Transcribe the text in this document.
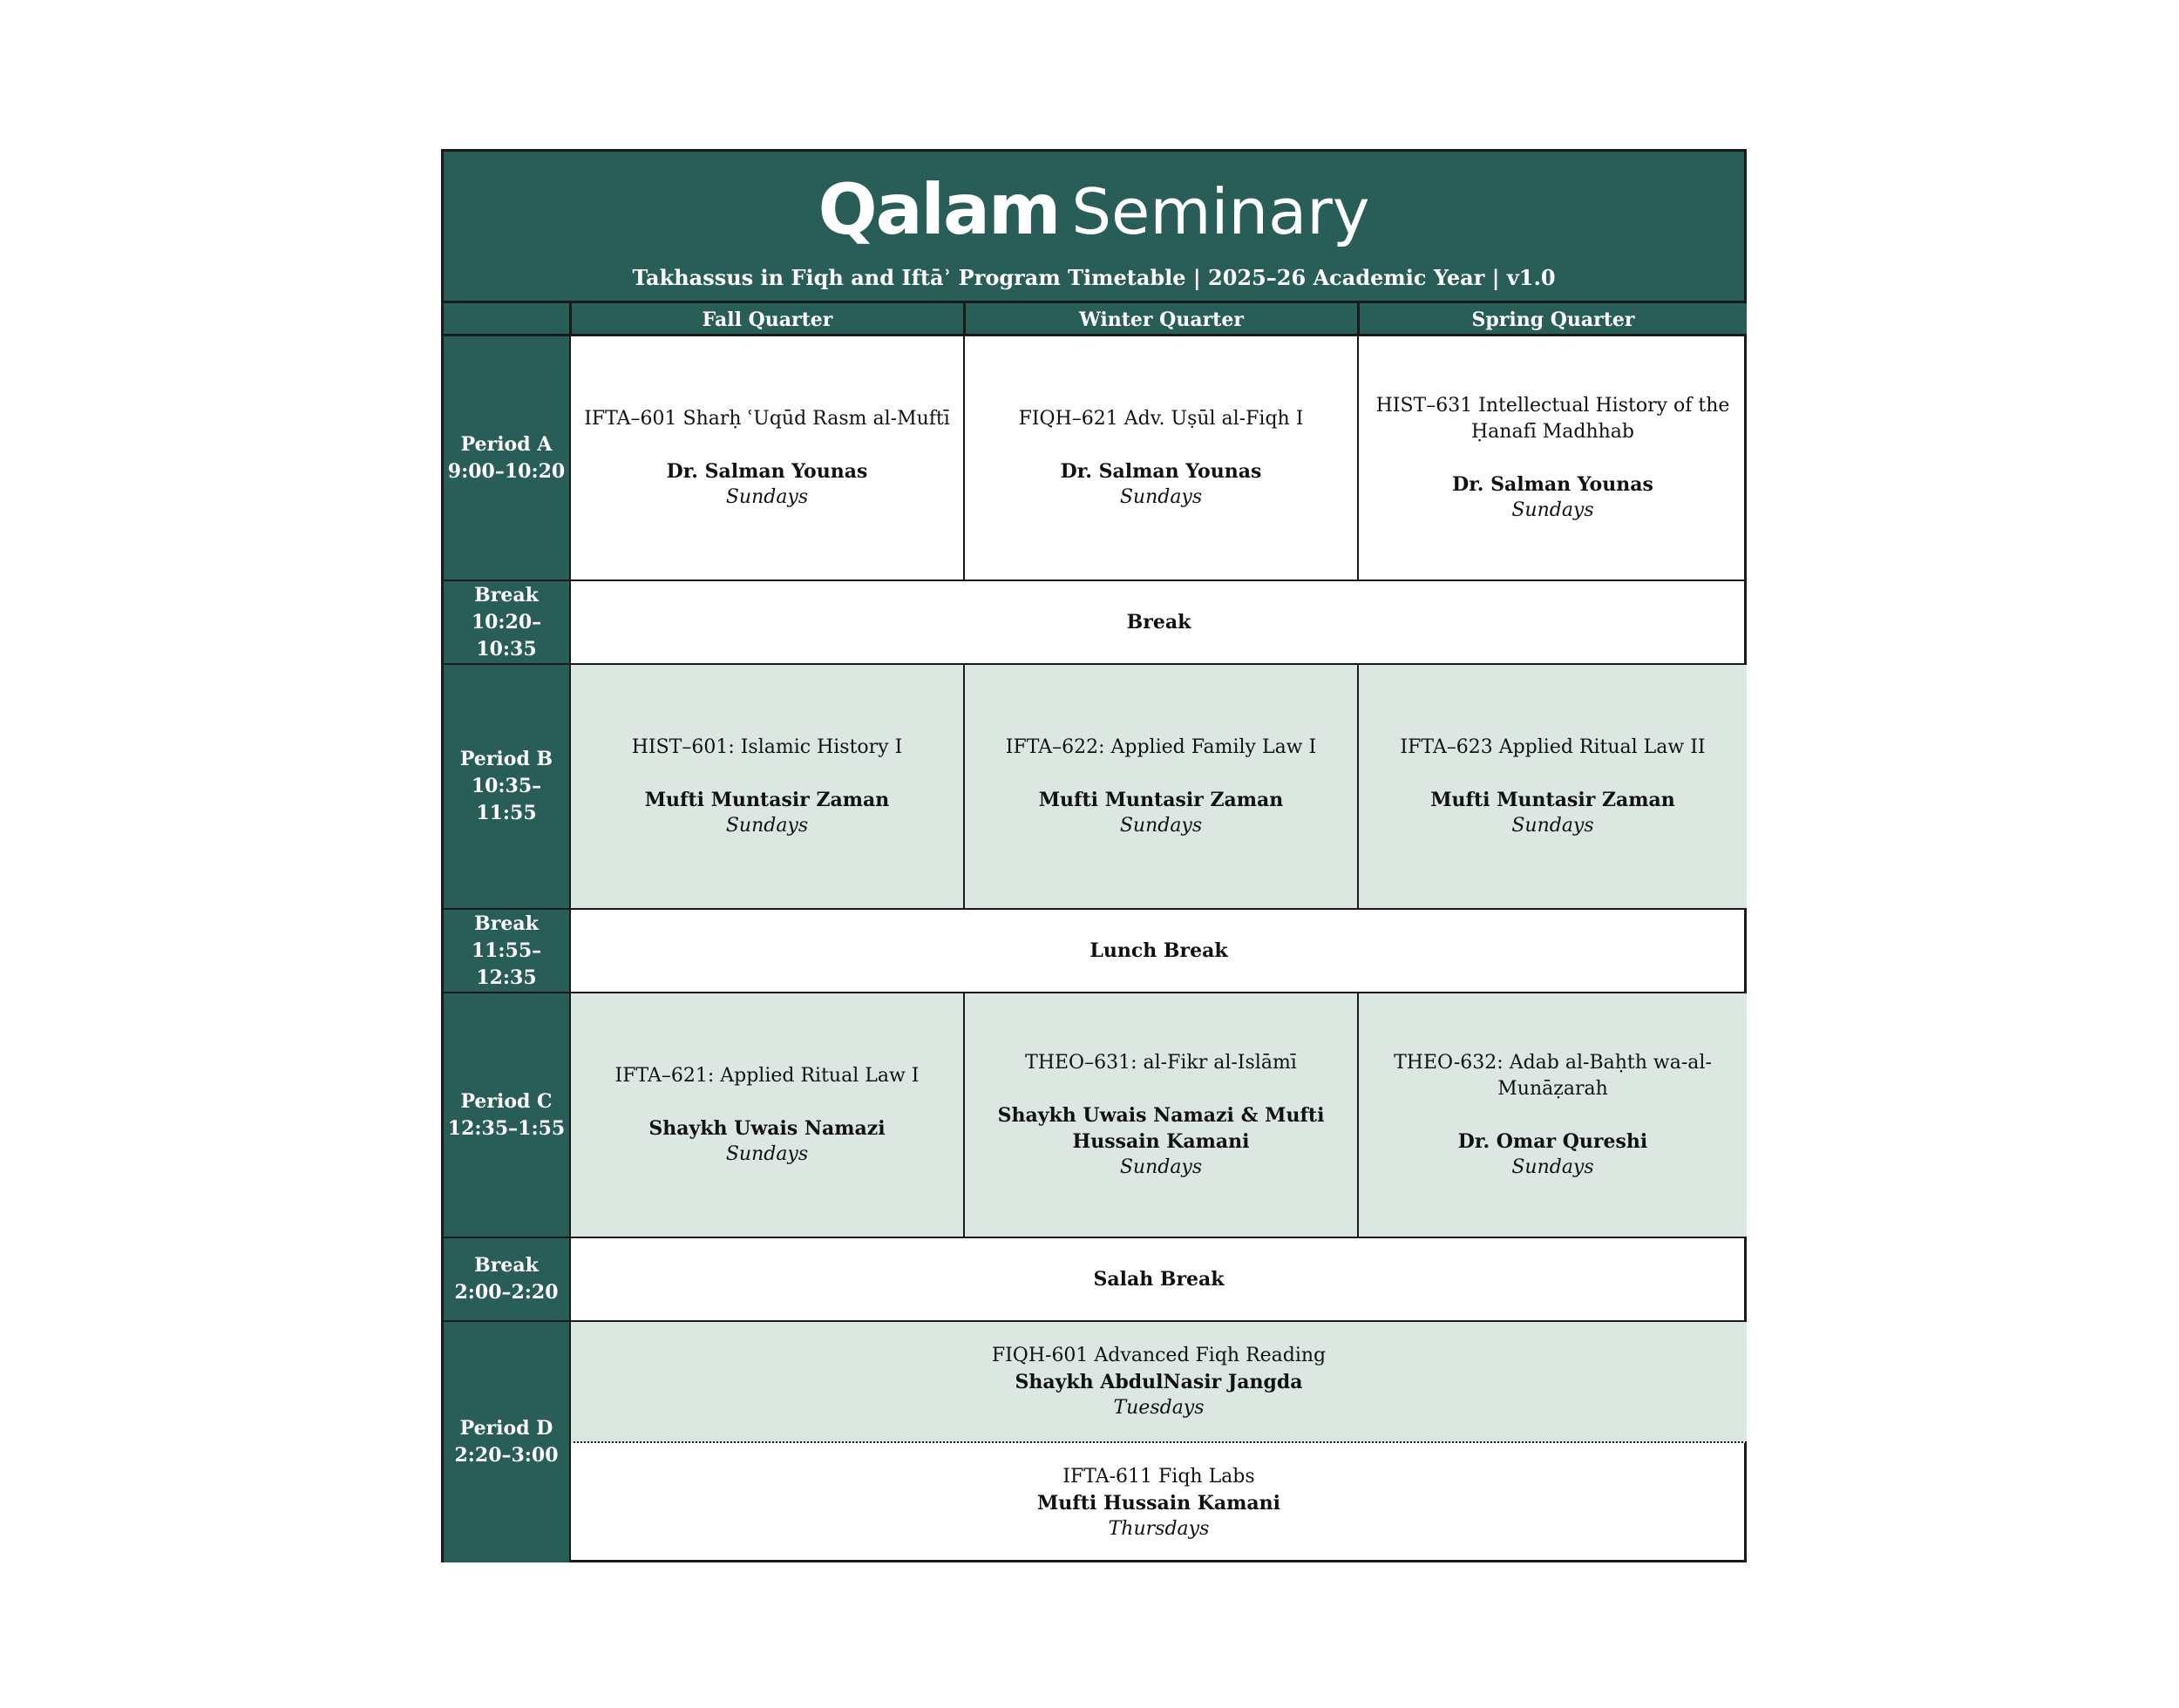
Qalam Seminary
Takhassus in Fiqh and Iftāʾ Program Timetable | 2025–26 Academic Year | v1.0
Fall Quarter	Winter Quarter	Spring Quarter
Period A
9:00–10:20
IFTA–601 Sharḥ ʿUqūd Rasm al-Muftī
Dr. Salman Younas
Sundays
FIQH–621 Adv. Uṣūl al-Fiqh I
Dr. Salman Younas
Sundays
HIST–631 Intellectual History of the Ḥanafī Madhhab
Dr. Salman Younas
Sundays
Break
10:20–10:35
Break
Period B
10:35–11:55
HIST–601: Islamic History I
Mufti Muntasir Zaman
Sundays
IFTA–622: Applied Family Law I
Mufti Muntasir Zaman
Sundays
IFTA–623 Applied Ritual Law II
Mufti Muntasir Zaman
Sundays
Break
11:55–12:35
Lunch Break
Period C
12:35–1:55
IFTA–621: Applied Ritual Law I
Shaykh Uwais Namazi
Sundays
THEO–631: al-Fikr al-Islāmī
Shaykh Uwais Namazi & Mufti Hussain Kamani
Sundays
THEO-632: Adab al-Baḥth wa-al-Munāẓarah
Dr. Omar Qureshi
Sundays
Break
2:00–2:20
Salah Break
Period D
2:20–3:00
FIQH-601 Advanced Fiqh Reading
Shaykh AbdulNasir Jangda
Tuesdays
IFTA-611 Fiqh Labs
Mufti Hussain Kamani
Thursdays
